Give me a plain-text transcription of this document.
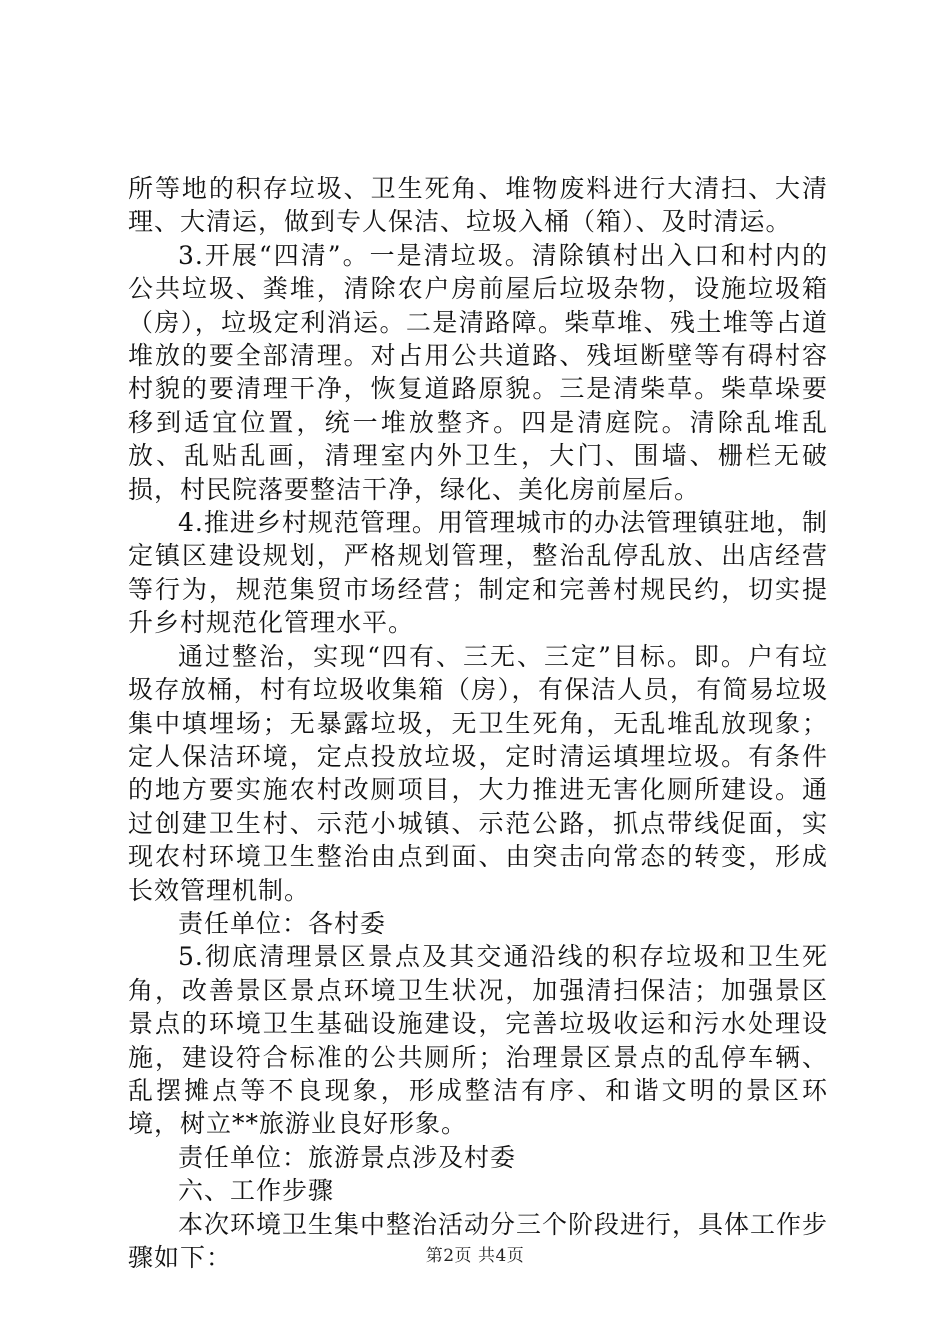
所等地的积存垃圾、卫生死角、堆物废料进行大清扫、大清理、大清运，做到专人保洁、垃圾入桶（箱）、及时清运。

3.开展“四清”。一是清垃圾。清除镇村出入口和村内的公共垃圾、粪堆，清除农户房前屋后垃圾杂物，设施垃圾箱（房），垃圾定利消运。二是清路障。柴草堆、残土堆等占道堆放的要全部清理。对占用公共道路、残垣断壁等有碍村容村貌的要清理干净，恢复道路原貌。三是清柴草。柴草垛要移到适宜位置，统一堆放整齐。四是清庭院。清除乱堆乱放、乱贴乱画，清理室内外卫生，大门、围墙、栅栏无破损，村民院落要整洁干净，绿化、美化房前屋后。

4.推进乡村规范管理。用管理城市的办法管理镇驻地，制定镇区建设规划，严格规划管理，整治乱停乱放、出店经营等行为，规范集贸市场经营；制定和完善村规民约，切实提升乡村规范化管理水平。

通过整治，实现“四有、三无、三定”目标。即。户有垃圾存放桶，村有垃圾收集箱（房），有保洁人员，有简易垃圾集中填埋场；无暴露垃圾，无卫生死角，无乱堆乱放现象；定人保洁环境，定点投放垃圾，定时清运填埋垃圾。有条件的地方要实施农村改厕项目，大力推进无害化厕所建设。通过创建卫生村、示范小城镇、示范公路，抓点带线促面，实现农村环境卫生整治由点到面、由突击向常态的转变，形成长效管理机制。

责任单位：各村委

5.彻底清理景区景点及其交通沿线的积存垃圾和卫生死角，改善景区景点环境卫生状况，加强清扫保洁；加强景区景点的环境卫生基础设施建设，完善垃圾收运和污水处理设施，建设符合标准的公共厕所；治理景区景点的乱停车辆、乱摆摊点等不良现象，形成整洁有序、和谐文明的景区环境，树立**旅游业良好形象。

责任单位：旅游景点涉及村委

六、工作步骤

本次环境卫生集中整治活动分三个阶段进行，具体工作步骤如下：	第2页 共4页
